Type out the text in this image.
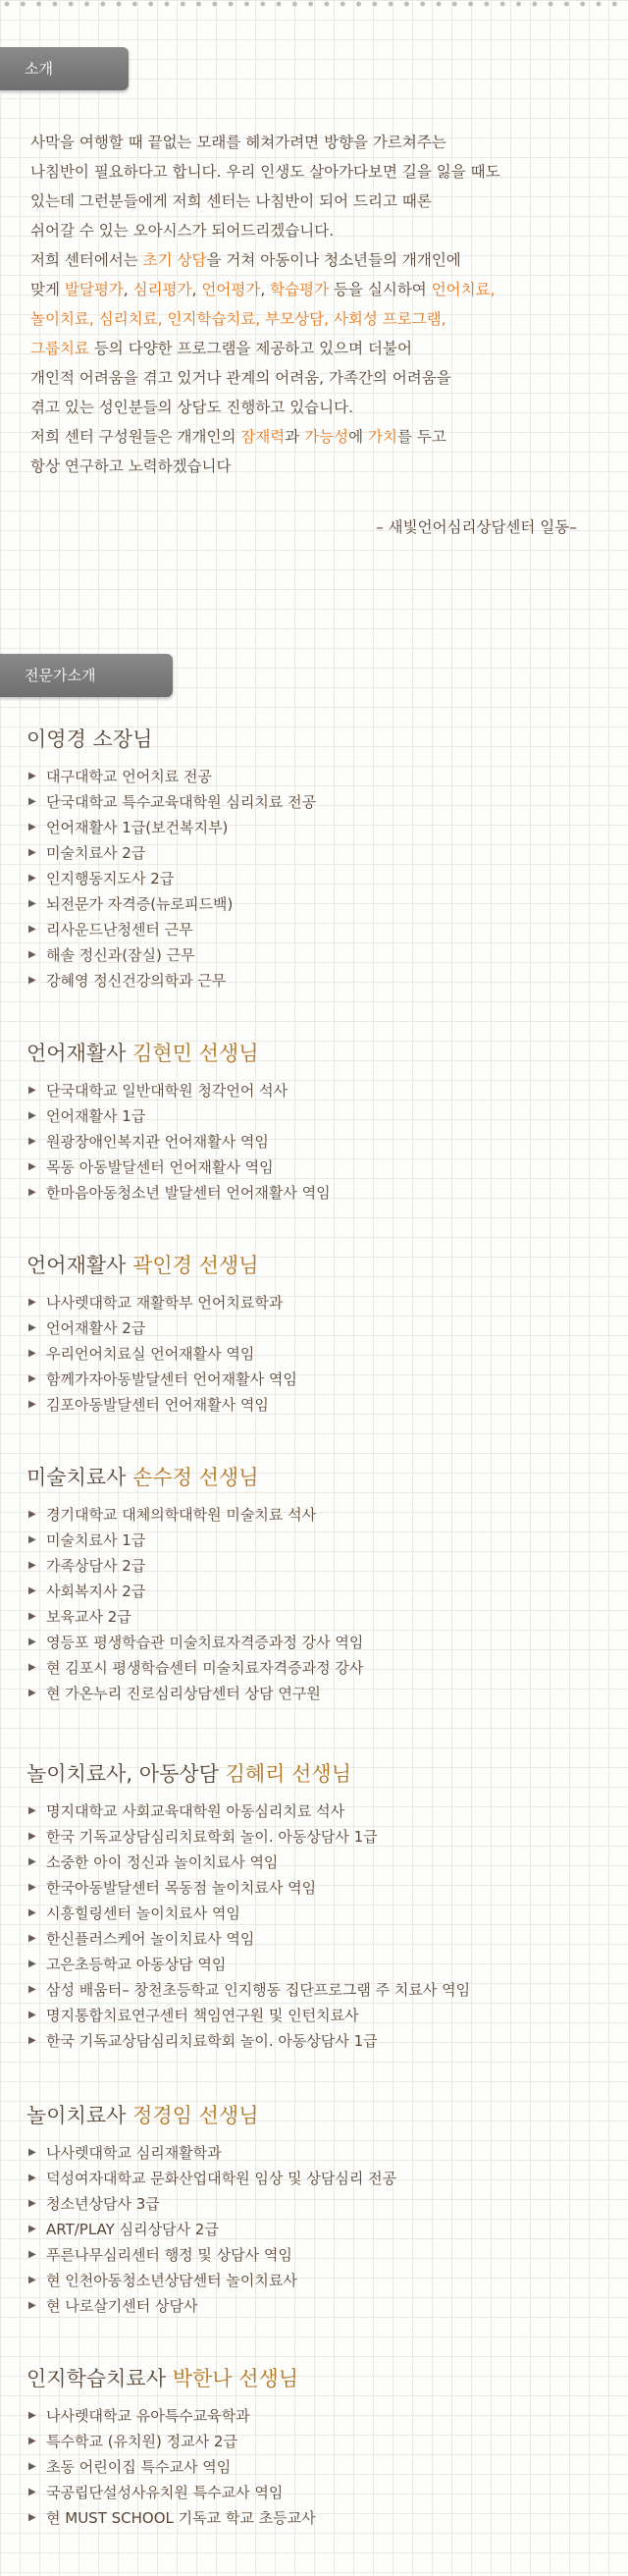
소개

사막을 여행할 때 끝없는 모래를 헤쳐가려면 방향을 가르쳐주는

나침반이 필요하다고 합니다. 우리 인생도 살아가다보면 길을 잃을 때도

있는데 그런분들에게 저희 센터는 나침반이 되어 드리고 때론

쉬어갈 수 있는 오아시스가 되어드리겠습니다.

저희 센터에서는 초기 상담을 거쳐 아동이나 청소년들의 개개인에

맞게 발달평가, 심리평가, 언어평가, 학습평가 등을 실시하여 언어치료,

놀이치료, 심리치료, 인지학습치료, 부모상담, 사회성 프로그램,

그룹치료 등의 다양한 프로그램을 제공하고 있으며 더불어

개인적 어려움을 겪고 있거나 관계의 어려움, 가족간의 어려움을

겪고 있는 성인분들의 상담도 진행하고 있습니다.

저희 센터 구성원들은 개개인의 잠재력과 가능성에 가치를 두고

항상 연구하고 노력하겠습니다

– 새빛언어심리상담센터 일동–
전문가소개
이영경 소장님
▶ 대구대학교 언어치료 전공
▶ 단국대학교 특수교육대학원 심리치료 전공
▶ 언어재활사 1급(보건복지부)
▶ 미술치료사 2급
▶ 인지행동지도사 2급
▶ 뇌전문가 자격증(뉴로피드백)
▶ 리사운드난청센터 근무
▶ 해솔 정신과(잠실) 근무
▶ 강혜영 정신건강의학과 근무
언어재활사 김현민 선생님
▶ 단국대학교 일반대학원 청각언어 석사
▶ 언어재활사 1급
▶ 원광장애인복지관 언어재활사 역임
▶ 목동 아동발달센터 언어재활사 역임
▶ 한마음아동청소년 발달센터 언어재활사 역임
언어재활사 곽인경 선생님
▶ 나사렛대학교 재활학부 언어치료학과
▶ 언어재활사 2급
▶ 우리언어치료실 언어재활사 역임
▶ 함께가자아동발달센터 언어재활사 역임
▶ 김포아동발달센터 언어재활사 역임
미술치료사 손수정 선생님
▶ 경기대학교 대체의학대학원 미술치료 석사
▶ 미술치료사 1급
▶ 가족상담사 2급
▶ 사회복지사 2급
▶ 보육교사 2급
▶ 영등포 평생학습관 미술치료자격증과정 강사 역임
▶ 현 김포시 평생학습센터 미술치료자격증과정 강사
▶ 현 가온누리 진로심리상담센터 상담 연구원
놀이치료사, 아동상담 김혜리 선생님
▶ 명지대학교 사회교육대학원 아동심리치료 석사
▶ 한국 기독교상담심리치료학회 놀이. 아동상담사 1급
▶ 소중한 아이 정신과 놀이치료사 역임
▶ 한국아동발달센터 목동점 놀이치료사 역임
▶ 시흥힐링센터 놀이치료사 역임
▶ 한신플러스케어 놀이치료사 역임
▶ 고은초등학교 아동상담 역임
▶ 삼성 배움터– 창천초등학교 인지행동 집단프로그램 주 치료사 역임
▶ 명지통합치료연구센터 책임연구원 및 인턴치료사
▶ 한국 기독교상담심리치료학회 놀이. 아동상담사 1급
놀이치료사 정경임 선생님
▶ 나사렛대학교 심리재활학과
▶ 덕성여자대학교 문화산업대학원 임상 및 상담심리 전공
▶ 청소년상담사 3급
▶ ART/PLAY 심리상담사 2급
▶ 푸른나무심리센터 행정 및 상담사 역임
▶ 현 인천아동청소년상담센터 놀이치료사
▶ 현 나로살기센터 상담사
인지학습치료사 박한나 선생님
▶ 나사렛대학교 유아특수교육학과
▶ 특수학교 (유치원) 정교사 2급
▶ 초동 어린이집 특수교사 역임
▶ 국공립단설성사유치원 특수교사 역임
▶ 현 MUST SCHOOL 기독교 학교 초등교사
